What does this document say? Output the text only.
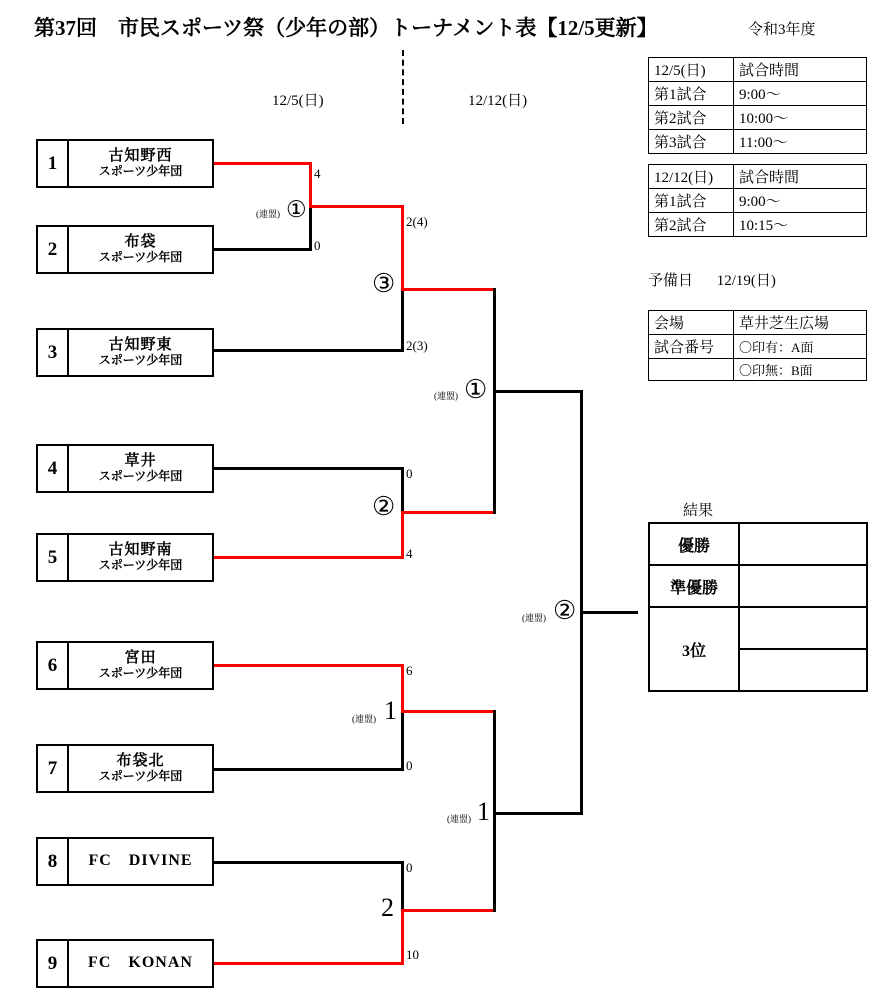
第37回　市民スポーツ祭（少年の部）トーナメント表【12/5更新】	令和3年度
12/5(日)	12/12(日)
1	古知野西
スポーツ少年団
2	布袋
スポーツ少年団
3	古知野東
スポーツ少年団
4	草井
スポーツ少年団
5	古知野南
スポーツ少年団
6	宮田
スポーツ少年団
7	布袋北
スポーツ少年団
8	FC　DIVINE
9	FC　KONAN
4
0
2(4)
2(3)
0
4
6
0
0
10
(連盟) ①
③
②
(連盟) ①
(連盟) 1
2
(連盟) 1
(連盟) ②
12/5(日)	試合時間
第1試合	9:00～
第2試合	10:00～
第3試合	11:00～
12/12(日)	試合時間
第1試合	9:00～
第2試合	10:15～
予備日 12/19(日)
会場	草井芝生広場
試合番号	〇印有：A面
	〇印無：B面
結果
優勝	
準優勝	
3位	
